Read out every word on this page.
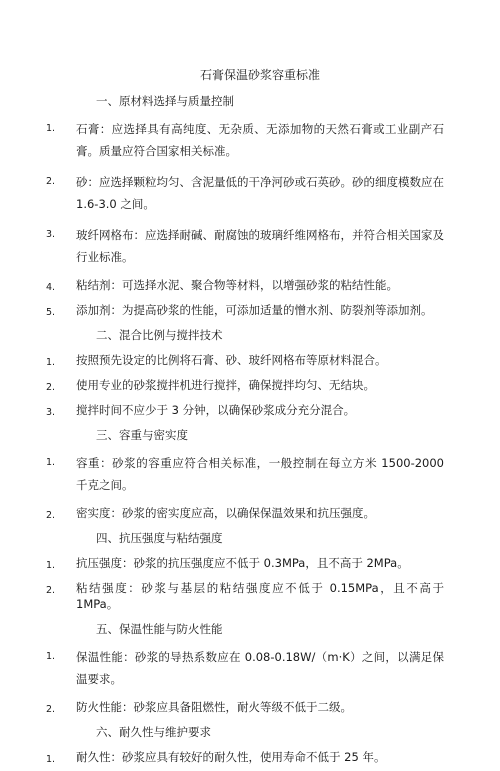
石膏保温砂浆容重标准
一、原材料选择与质量控制
1.	石膏：应选择具有高纯度、无杂质、无添加物的天然石膏或工业副产石膏。质量应符合国家相关标准。
2.	砂：应选择颗粒均匀、含泥量低的干净河砂或石英砂。砂的细度模数应在 1.6-3.0 之间。
3.	玻纤网格布：应选择耐碱、耐腐蚀的玻璃纤维网格布，并符合相关国家及行业标准。
4.	粘结剂：可选择水泥、聚合物等材料，以增强砂浆的粘结性能。
5.	添加剂：为提高砂浆的性能，可添加适量的憎水剂、防裂剂等添加剂。
二、混合比例与搅拌技术
1.	按照预先设定的比例将石膏、砂、玻纤网格布等原材料混合。
2.	使用专业的砂浆搅拌机进行搅拌，确保搅拌均匀、无结块。
3.	搅拌时间不应少于 3 分钟，以确保砂浆成分充分混合。
三、容重与密实度
1.	容重：砂浆的容重应符合相关标准，一般控制在每立方米 1500-2000 千克之间。
2.	密实度：砂浆的密实度应高，以确保保温效果和抗压强度。
四、抗压强度与粘结强度
1.	抗压强度：砂浆的抗压强度应不低于 0.3MPa，且不高于 2MPa。
2.	粘结强度：砂浆与基层的粘结强度应不低于 0.15MPa，且不高于 1MPa。
五、保温性能与防火性能
1.	保温性能：砂浆的导热系数应在 0.08-0.18W/（m·K）之间，以满足保温要求。
2.	防火性能：砂浆应具备阻燃性，耐火等级不低于二级。
六、耐久性与维护要求
1.	耐久性：砂浆应具有较好的耐久性，使用寿命不低于 25 年。
